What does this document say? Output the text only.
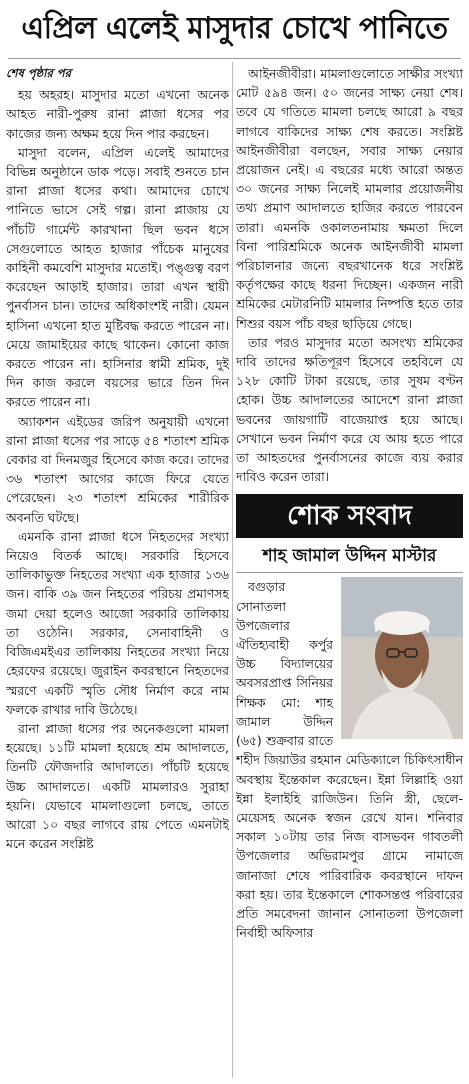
এপ্রিল এলেই মাসুদার চোখে পানিতে
শেষ পৃষ্ঠার পর

হয় অহরহ। মাসুদার মতো এখনো অনেক আহত নারী-পুরুষ রানা প্লাজা ধসের পর কাজের জন্য অক্ষম হয়ে দিন পার করছেন।

মাসুদা বলেন, এপ্রিল এলেই আমাদের বিভিন্ন অনুষ্ঠানে ডাক পড়ে। সবাই শুনতে চান রানা প্লাজা ধসের কথা। আমাদের চোখে পানিতে ভাসে সেই গল্প। রানা প্লাজায় যে পাঁচটি গার্মেন্ট কারখানা ছিল ভবন ধসে সেগুলোতে আহত হাজার পাঁচেক মানুষের কাহিনী কমবেশি মাসুদার মতোই। পঙ্গুত্ব বরণ করেছেন আড়াই হাজার। তারা এখন স্থায়ী পুনর্বাসন চান। তাদের অধিকাংশই নারী। যেমন হাসিনা এখনো হাত মুষ্টিবদ্ধ করতে পারেন না। মেয়ে জামাইয়ের কাছে থাকেন। কোনো কাজ করতে পারেন না। হাসিনার স্বামী শ্রমিক, দুই দিন কাজ করলে বয়সের ভারে তিন দিন করতে পারেন না।

অ্যাকশন এইডের জরিপ অনুযায়ী এখনো রানা প্লাজা ধসের পর সাড়ে ৫৪ শতাংশ শ্রমিক বেকার বা দিনমজুর হিসেবে কাজ করে। তাদের ৩৬ শতাংশ আগের কাজে ফিরে যেতে পেরেছেন। ২৩ শতাংশ শ্রমিকের শারীরিক অবনতি ঘটছে।

এমনকি রানা প্লাজা ধসে নিহতদের সংখ্যা নিয়েও বিতর্ক আছে। সরকারি হিসেবে তালিকাভুক্ত নিহতের সংখ্যা এক হাজার ১৩৬ জন। বাকি ৩৯ জন নিহতের পরিচয় প্রমাণসহ জমা দেয়া হলেও আজো সরকারি তালিকায় তা ওঠেনি। সরকার, সেনাবাহিনী ও বিজিএমইএর তালিকায় নিহতের সংখ্যা নিয়ে হেরফের রয়েছে। জুরাইন কবরস্থানে নিহতদের স্মরণে একটি স্মৃতি সৌধ নির্মাণ করে নাম ফলকে রাখার দাবি উঠেছে।

রানা প্লাজা ধসের পর অনেকগুলো মামলা হয়েছে। ১১টি মামলা হয়েছে শ্রম আদালতে, তিনটি ফৌজদারি আদালতে। পাঁচটি হয়েছে উচ্চ আদালতে। একটি মামলারও সুরাহা হয়নি। যেভাবে মামলাগুলো চলছে, তাতে আরো ১০ বছর লাগবে রায় পেতে এমনটাই মনে করেন সংশ্লিষ্ট

আইনজীবীরা। মামলাগুলোতে সাক্ষীর সংখ্যা মোট ৫৯৪ জন। ৫০ জনের সাক্ষ্য নেয়া শেষ। তবে যে গতিতে মামলা চলছে আরো ৯ বছর লাগবে বাকিদের সাক্ষ্য শেষ করতে। সংশ্লিষ্ট আইনজীবীরা বলছেন, সবার সাক্ষ্য নেয়ার প্রয়োজন নেই। এ বছরের মধ্যে আরো অন্তত ৩০ জনের সাক্ষ্য নিলেই মামলার প্রয়োজনীয় তথ্য প্রমাণ আদালতে হাজির করতে পারবেন তারা। এমনকি ওকালতনামায় ক্ষমতা দিলে বিনা পারিশ্রমিকে অনেক আইনজীবী মামলা পরিচালনার জন্যে বছরখানেক ধরে সংশ্লিষ্ট কর্তৃপক্ষের কাছে ধরনা দিচ্ছেন। একজন নারী শ্রমিকের মেটারনিটি মামলার নিষ্পত্তি হতে তার শিশুর বয়স পাঁচ বছর ছাড়িয়ে গেছে।

তার পরও মাসুদার মতো অসংখ্য শ্রমিকের দাবি তাদের ক্ষতিপূরণ হিসেবে তহবিলে যে ১২৮ কোটি টাকা রয়েছে, তার সুষম বণ্টন হোক। উচ্চ আদালতের আদেশে রানা প্লাজা ভবনের জায়গাটি বাজেয়াপ্ত হয়ে আছে। সেখানে ভবন নির্মাণ করে যে আয় হতে পারে তা আহতদের পুনর্বাসনের কাজে ব্যয় করার দাবিও করেন তারা।

শোক সংবাদ
শাহ জামাল উদ্দিন মাস্টার

বগুড়ার সোনাতলা উপজেলার ঐতিহ্যবাহী কর্পুর উচ্চ বিদ্যালয়ের অবসরপ্রাপ্ত সিনিয়র শিক্ষক মো: শাহ জামাল উদ্দিন (৬৫) শুক্রবার রাতে শহীদ জিয়াউর রহমান মেডিক্যালে চিকিৎসাধীন অবস্থায় ইন্তেকাল করেছেন। ইন্না লিল্লাহি ওয়া ইন্না ইলাইহি রাজিউন। তিনি স্ত্রী, ছেলে-মেয়েসহ অনেক স্বজন রেখে যান। শনিবার সকাল ১০টায় তার নিজ বাসভবন গাবতলী উপজেলার অভিরামপুর গ্রামে নামাজে জানাজা শেষে পারিবারিক কবরস্থানে দাফন করা হয়। তার ইন্তেকালে শোকসন্তপ্ত পরিবারের প্রতি সমবেদনা জানান সোনাতলা উপজেলা নির্বাহী অফিসার
